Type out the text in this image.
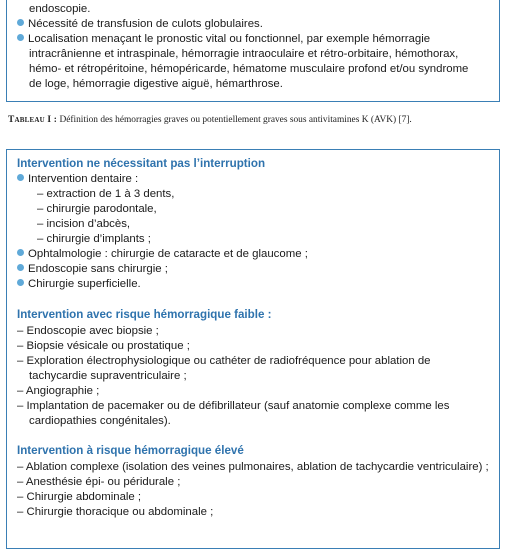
endoscopie.
Nécessité de transfusion de culots globulaires.
Localisation menaçant le pronostic vital ou fonctionnel, par exemple hémorragie
intracrânienne et intraspinale, hémorragie intraoculaire et rétro-orbitaire, hémothorax,
hémo- et rétropéritoine, hémopéricarde, hématome musculaire profond et/ou syndrome
de loge, hémorragie digestive aiguë, hémarthrose.
Tableau I : Définition des hémorragies graves ou potentiellement graves sous antivitamines K (AVK) [7].
Intervention ne nécessitant pas l’interruption
Intervention dentaire :
– extraction de 1 à 3 dents,
– chirurgie parodontale,
– incision d’abcès,
– chirurgie d’implants ;
Ophtalmologie : chirurgie de cataracte et de glaucome ;
Endoscopie sans chirurgie ;
Chirurgie superficielle.
Intervention avec risque hémorragique faible :
– Endoscopie avec biopsie ;
– Biopsie vésicale ou prostatique ;
– Exploration électrophysiologique ou cathéter de radiofréquence pour ablation de
tachycardie supraventriculaire ;
– Angiographie ;
– Implantation de pacemaker ou de défibrillateur (sauf anatomie complexe comme les
cardiopathies congénitales).
Intervention à risque hémorragique élevé
– Ablation complexe (isolation des veines pulmonaires, ablation de tachycardie ventriculaire) ;
– Anesthésie épi- ou péridurale ;
– Chirurgie abdominale ;
– Chirurgie thoracique ou abdominale ;
